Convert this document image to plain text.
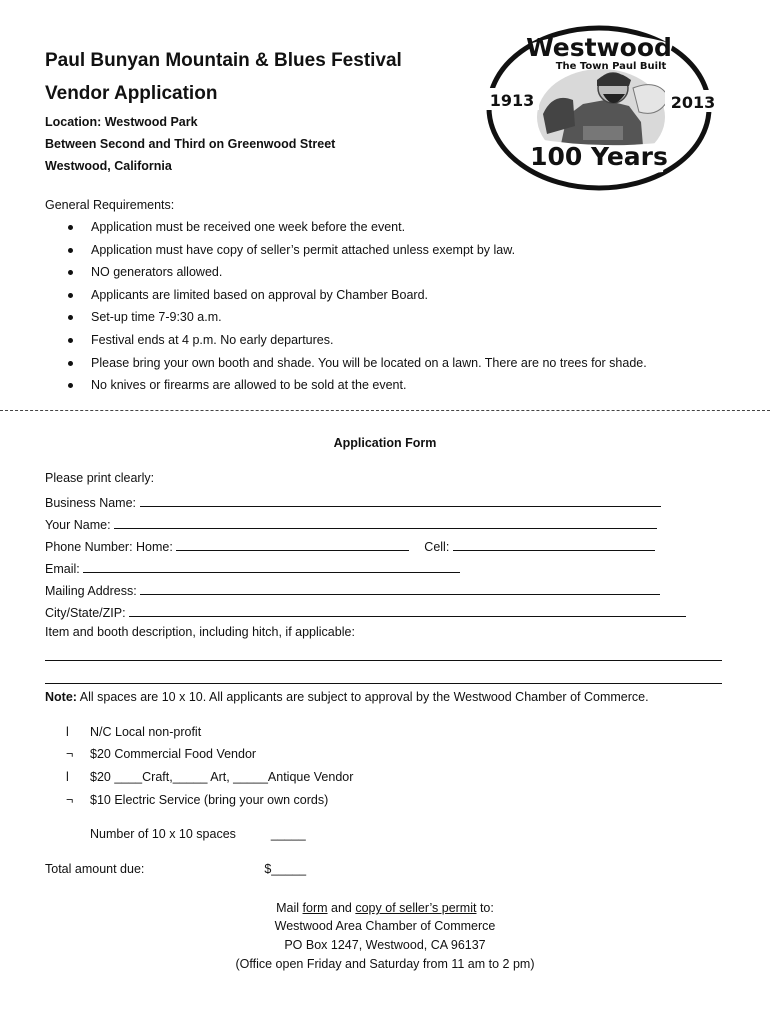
Paul Bunyan Mountain & Blues Festival
Vendor Application
Location: Westwood Park
Between Second and Third on Greenwood Street
Westwood, California
Westwood
The Town Paul Built
1913	2013
100 Years
General Requirements:
Application must be received one week before the event.
Application must have copy of seller’s permit attached unless exempt by law.
NO generators allowed.
Applicants are limited based on approval by Chamber Board.
Set-up time 7-9:30 a.m.
Festival ends at 4 p.m. No early departures.
Please bring your own booth and shade. You will be located on a lawn. There are no trees for shade.
No knives or firearms are allowed to be sold at the event.
Application Form
Please print clearly:
Business Name:
Your Name:
Phone Number: Home:	Cell:
Email:
Mailing Address:
City/State/ZIP:
Item and booth description, including hitch, if applicable:
Note: All spaces are 10 x 10. All applicants are subject to approval by the Westwood Chamber of Commerce.
l N/C Local non-profit
¬ $20 Commercial Food Vendor
l $20 ____Craft,_____ Art, _____Antique Vendor
¬ $10 Electric Service (bring your own cords)
Number of 10 x 10 spaces	_____
Total amount due:	$_____
Mail form and copy of seller’s permit to:
Westwood Area Chamber of Commerce
PO Box 1247, Westwood, CA 96137
(Office open Friday and Saturday from 11 am to 2 pm)
